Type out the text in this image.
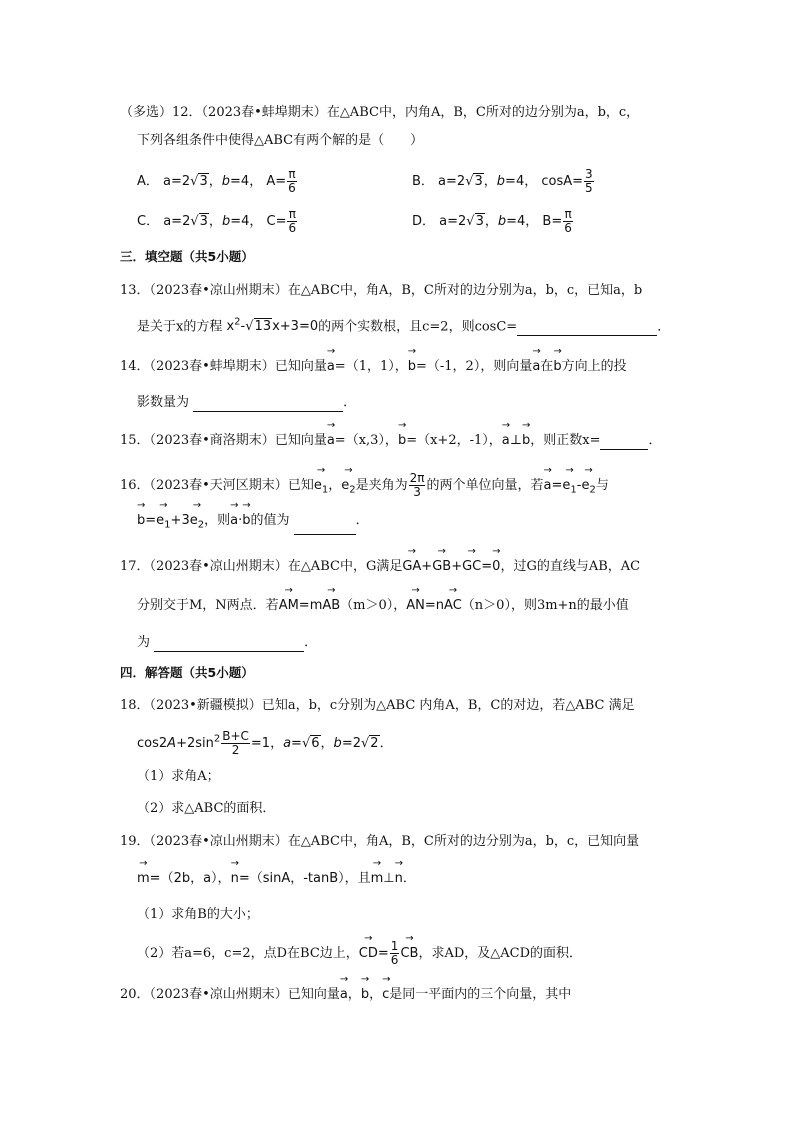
（多选）12．（2023春•蚌埠期末）在△ABC中，内角A，B，C所对的边分别为a，b，c，
下列各组条件中使得△ABC有两个解的是（　　）
A． a=2√3，b=4， $A= \frac{\pi}{6}$	B． a=2√3，b=4， $\cos A= \frac{3}{5}$
C． a=2√3，b=4， $C= \frac{\pi}{6}$	D． a=2√3，b=4， $B= \frac{\pi}{6}$
三．填空题（共5小题）
13．（2023春•凉山州期末）在△ABC中，角A，B，C所对的边分别为a，b，c，已知a，b
是关于x的方程 $x^2-√13x+3=0$的两个实数根，且c=2，则cosC=	．
14．（2023春•蚌埠期末）已知向量→ a=（1，1），→ b=（-1，2），则向量→ a在→ b方向上的投
影数量为	．
15．（2023春•商洛期末）已知向量→ a=（x,3），→ b=（x+2，-1），→ a⊥→ b，则正数x=	．
16．（2023春•天河区期末）已知→ $e_1$，→ $e_2$是夹角为 $\frac{2\pi}{3}$ 的两个单位向量，若→ $a=\to e_1-\to e_2$与
→ $b=\to e_1+3\to e_2$，则→ a·→ b的值为	．
17．（2023春•凉山州期末）在△ABC中，G满足→ GA+→ GB+→ GC=→ 0，过G的直线与AB，AC
分别交于M，N两点．若→ AM=m→ AB（m＞0），→ AN=n→ AC（n＞0），则3m+n的最小值
为	．
四．解答题（共5小题）
18．（2023•新疆模拟）已知a，b，c分别为△ABC 内角A，B，C的对边，若△ABC 满足
$\cos 2A+2\sin^2 \frac{B+C}{2} =1$，a=√6，b=2√2．
（1）求角A；
（2）求△ABC的面积．
19．（2023春•凉山州期末）在△ABC中，角A，B，C所对的边分别为a，b，c，已知向量
→ m=（2b，a），→ n=（sinA，-tanB），且→ m⊥→ n．
（1）求角B的大小；
（2）若a=6，c=2，点D在BC边上，→ $CD= \frac{1}{6}$
→ CB，求AD，及△ACD的面积．
20．（2023春•凉山州期末）已知向量→ a，→ b，→ c是同一平面内的三个向量，其中
